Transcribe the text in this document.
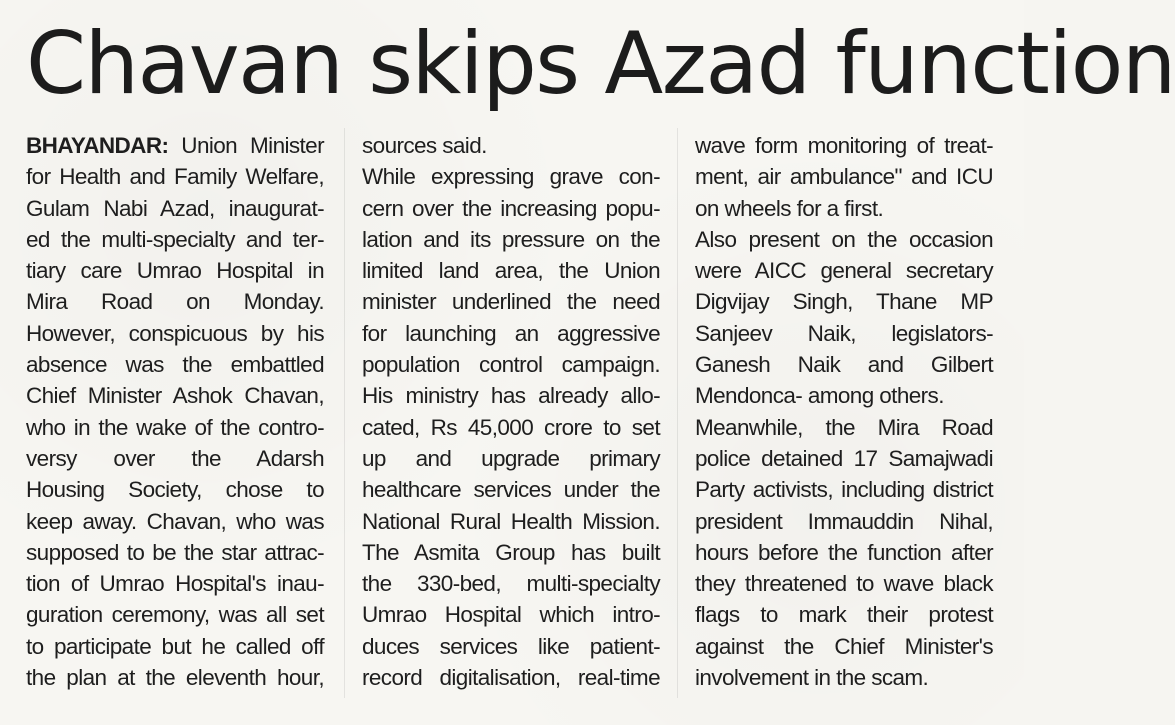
Chavan skips Azad function
BHAYANDAR: Union Minister
for Health and Family Welfare,
Gulam Nabi Azad, inaugurat-
ed the multi-specialty and ter-
tiary care Umrao Hospital in
Mira Road on Monday.
However, conspicuous by his
absence was the embattled
Chief Minister Ashok Chavan,
who in the wake of the contro-
versy over the Adarsh
Housing Society, chose to
keep away. Chavan, who was
supposed to be the star attrac-
tion of Umrao Hospital's inau-
guration ceremony, was all set
to participate but he called off
the plan at the eleventh hour,
sources said.
While expressing grave con-
cern over the increasing popu-
lation and its pressure on the
limited land area, the Union
minister underlined the need
for launching an aggressive
population control campaign.
His ministry has already allo-
cated, Rs 45,000 crore to set
up and upgrade primary
healthcare services under the
National Rural Health Mission.
The Asmita Group has built
the 330-bed, multi-specialty
Umrao Hospital which intro-
duces services like patient-
record digitalisation, real-time
wave form monitoring of treat-
ment, air ambulance" and ICU
on wheels for a first.
Also present on the occasion
were AICC general secretary
Digvijay Singh, Thane MP
Sanjeev Naik, legislators-
Ganesh Naik and Gilbert
Mendonca- among others.
Meanwhile, the Mira Road
police detained 17 Samajwadi
Party activists, including district
president Immauddin Nihal,
hours before the function after
they threatened to wave black
flags to mark their protest
against the Chief Minister's
involvement in the scam.
